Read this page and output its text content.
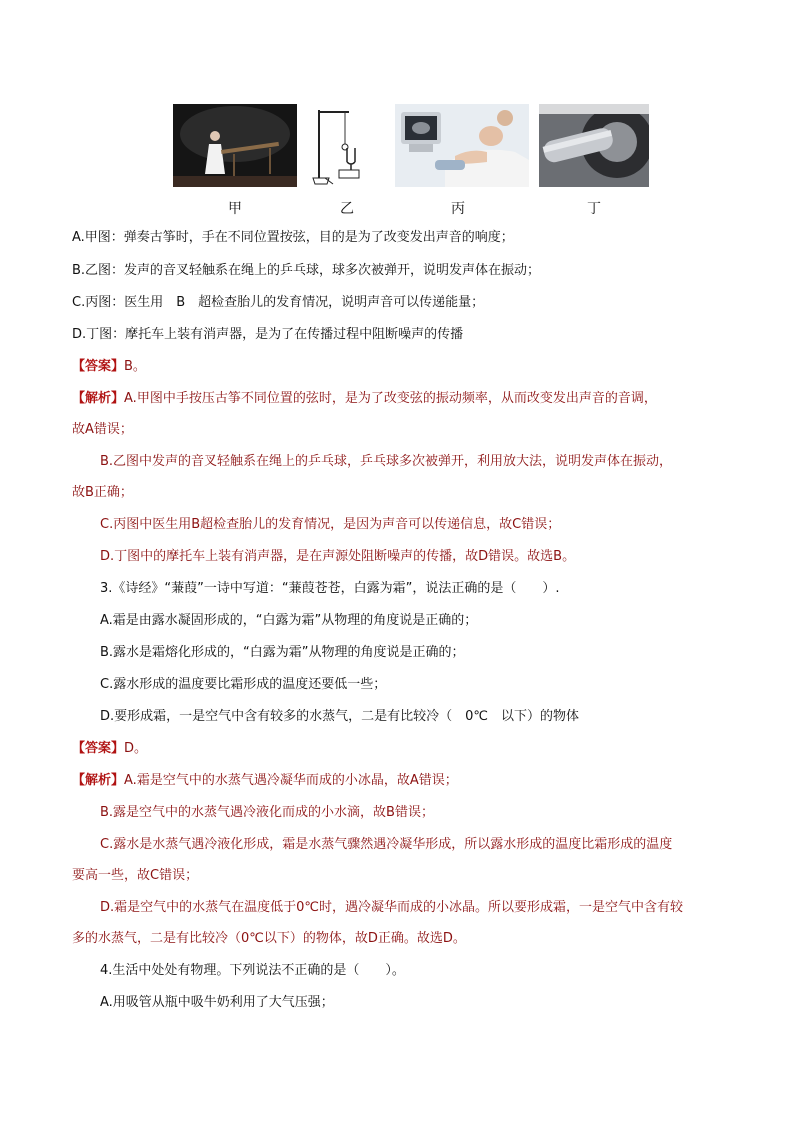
甲	乙	丙	丁
A.甲图：弹奏古筝时，手在不同位置按弦，目的是为了改变发出声音的响度；
B.乙图：发声的音叉轻触系在绳上的乒乓球，球多次被弹开，说明发声体在振动；
C.丙图：医生用　B　超检查胎儿的发育情况，说明声音可以传递能量；
D.丁图：摩托车上装有消声器，是为了在传播过程中阻断噪声的传播
【答案】B。
【解析】A.甲图中手按压古筝不同位置的弦时，是为了改变弦的振动频率，从而改变发出声音的音调，
故A错误；
B.乙图中发声的音叉轻触系在绳上的乒乓球，乒乓球多次被弹开，利用放大法，说明发声体在振动，
故B正确；
C.丙图中医生用B超检查胎儿的发育情况，是因为声音可以传递信息，故C错误；
D.丁图中的摩托车上装有消声器，是在声源处阻断噪声的传播，故D错误。故选B。
3.《诗经》“蒹葭”一诗中写道：“蒹葭苍苍，白露为霜”，说法正确的是（　　）.
A.霜是由露水凝固形成的，“白露为霜”从物理的角度说是正确的；
B.露水是霜熔化形成的，“白露为霜”从物理的角度说是正确的；
C.露水形成的温度要比霜形成的温度还要低一些；
D.要形成霜，一是空气中含有较多的水蒸气，二是有比较冷（　0℃　以下）的物体
【答案】D。
【解析】A.霜是空气中的水蒸气遇冷凝华而成的小冰晶，故A错误；
B.露是空气中的水蒸气遇冷液化而成的小水滴，故B错误；
C.露水是水蒸气遇冷液化形成，霜是水蒸气骤然遇冷凝华形成，所以露水形成的温度比霜形成的温度
要高一些，故C错误；
D.霜是空气中的水蒸气在温度低于0℃时，遇冷凝华而成的小冰晶。所以要形成霜，一是空气中含有较
多的水蒸气，二是有比较冷（0℃以下）的物体，故D正确。故选D。
4.生活中处处有物理。下列说法不正确的是（　　）。
A.用吸管从瓶中吸牛奶利用了大气压强；
